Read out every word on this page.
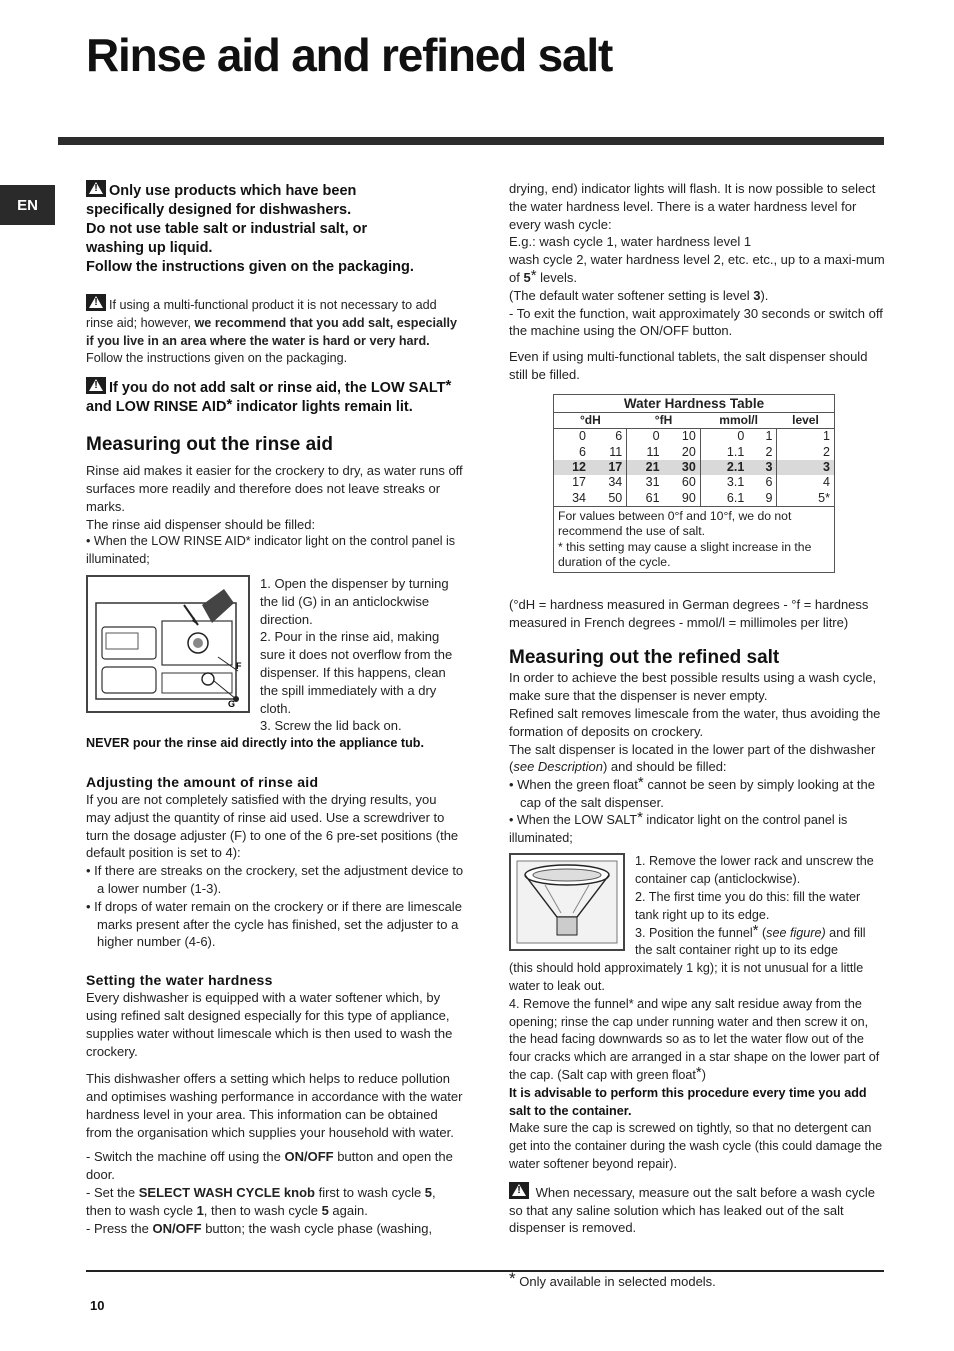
Rinse aid and refined salt
EN
!Only use products which have been
specifically designed for dishwashers.
Do not use table salt or industrial salt, or
washing up liquid.
Follow the instructions given on the packaging.

!If using a multi-functional product it is not necessary to add rinse aid; however, we recommend that you add salt, especially if you live in an area where the water is hard or very hard. Follow the instructions given on the packaging.

!If you do not add salt or rinse aid, the LOW SALT* and LOW RINSE AID* indicator lights remain lit.
Measuring out the rinse aid

Rinse aid makes it easier for the crockery to dry, as water runs off surfaces more readily and therefore does not leave streaks or marks.

The rinse aid dispenser should be filled:

• When the LOW RINSE AID* indicator light on the control panel is illuminated;

F
G

1. Open the dispenser by turning the lid (G) in an anticlockwise direction.

2. Pour in the rinse aid, making sure it does not overflow from the dispenser. If this happens, clean the spill immediately with a dry cloth.

3. Screw the lid back on.

NEVER pour the rinse aid directly into the appliance tub.

Adjusting the amount of rinse aid

If you are not completely satisfied with the drying results, you may adjust the quantity of rinse aid used. Use a screwdriver to turn the dosage adjuster (F) to one of the 6 pre-set positions (the default position is set to 4):

• If there are streaks on the crockery, set the adjustment device to a lower number (1-3).

• If drops of water remain on the crockery or if there are limescale marks present after the cycle has finished, set the adjuster to a higher number (4-6).

Setting the water hardness

Every dishwasher is equipped with a water softener which, by using refined salt designed especially for this type of appliance, supplies water without limescale which is then used to wash the crockery.

This dishwasher offers a setting which helps to reduce pollution and optimises washing performance in accordance with the water hardness level in your area. This information can be obtained from the organisation which supplies your household with water.

- Switch the machine off using the ON/OFF button and open the door.

- Set the SELECT WASH CYCLE knob first to wash cycle 5, then to wash cycle 1, then to wash cycle 5 again.

- Press the ON/OFF button; the wash cycle phase (washing,

drying, end) indicator lights will flash. It is now possible to select the water hardness level. There is a water hardness level for every wash cycle:

E.g.: wash cycle 1, water hardness level 1

wash cycle 2, water hardness level 2, etc. etc., up to a maxi-mum of 5* levels.

(The default water softener setting is level 3).

- To exit the function, wait approximately 30 seconds or switch off the machine using the ON/OFF button.

Even if using multi-functional tablets, the salt dispenser should still be filled.

Water Hardness Table						
°dH		°fH		mmol/l		level
0	6	0	10	0	1	1
6	11	11	20	1.1	2	2
12	17	21	30	2.1	3	3
17	34	31	60	3.1	6	4
34	50	61	90	6.1	9	5*
For values between 0°f and 10°f, we do not recommend the use of salt.
* this setting may cause a slight increase in the duration of the cycle.						

(°dH = hardness measured in German degrees - °f = hardness measured in French degrees - mmol/l = millimoles per litre)

Measuring out the refined salt

In order to achieve the best possible results using a wash cycle, make sure that the dispenser is never empty.

Refined salt removes limescale from the water, thus avoiding the formation of deposits on crockery.

The salt dispenser is located in the lower part of the dishwasher (see Description) and should be filled:

• When the green float* cannot be seen by simply looking at the cap of the salt dispenser.

• When the LOW SALT* indicator light on the control panel is illuminated;

1. Remove the lower rack and unscrew the container cap (anticlockwise).

2. The first time you do this: fill the water tank right up to its edge.

3. Position the funnel* (see figure) and fill the salt container right up to its edge

(this should hold approximately 1 kg); it is not unusual for a little water to leak out.

4. Remove the funnel* and wipe any salt residue away from the opening; rinse the cap under running water and then screw it on, the head facing downwards so as to let the water flow out of the four cracks which are arranged in a star shape on the lower part of the cap. (Salt cap with green float*)

It is advisable to perform this procedure every time you add salt to the container.

Make sure the cap is screwed on tightly, so that no detergent can get into the container during the wash cycle (this could damage the water softener beyond repair).

! When necessary, measure out the salt before a wash cycle so that any saline solution which has leaked out of the salt dispenser is removed.

* Only available in selected models.
10
